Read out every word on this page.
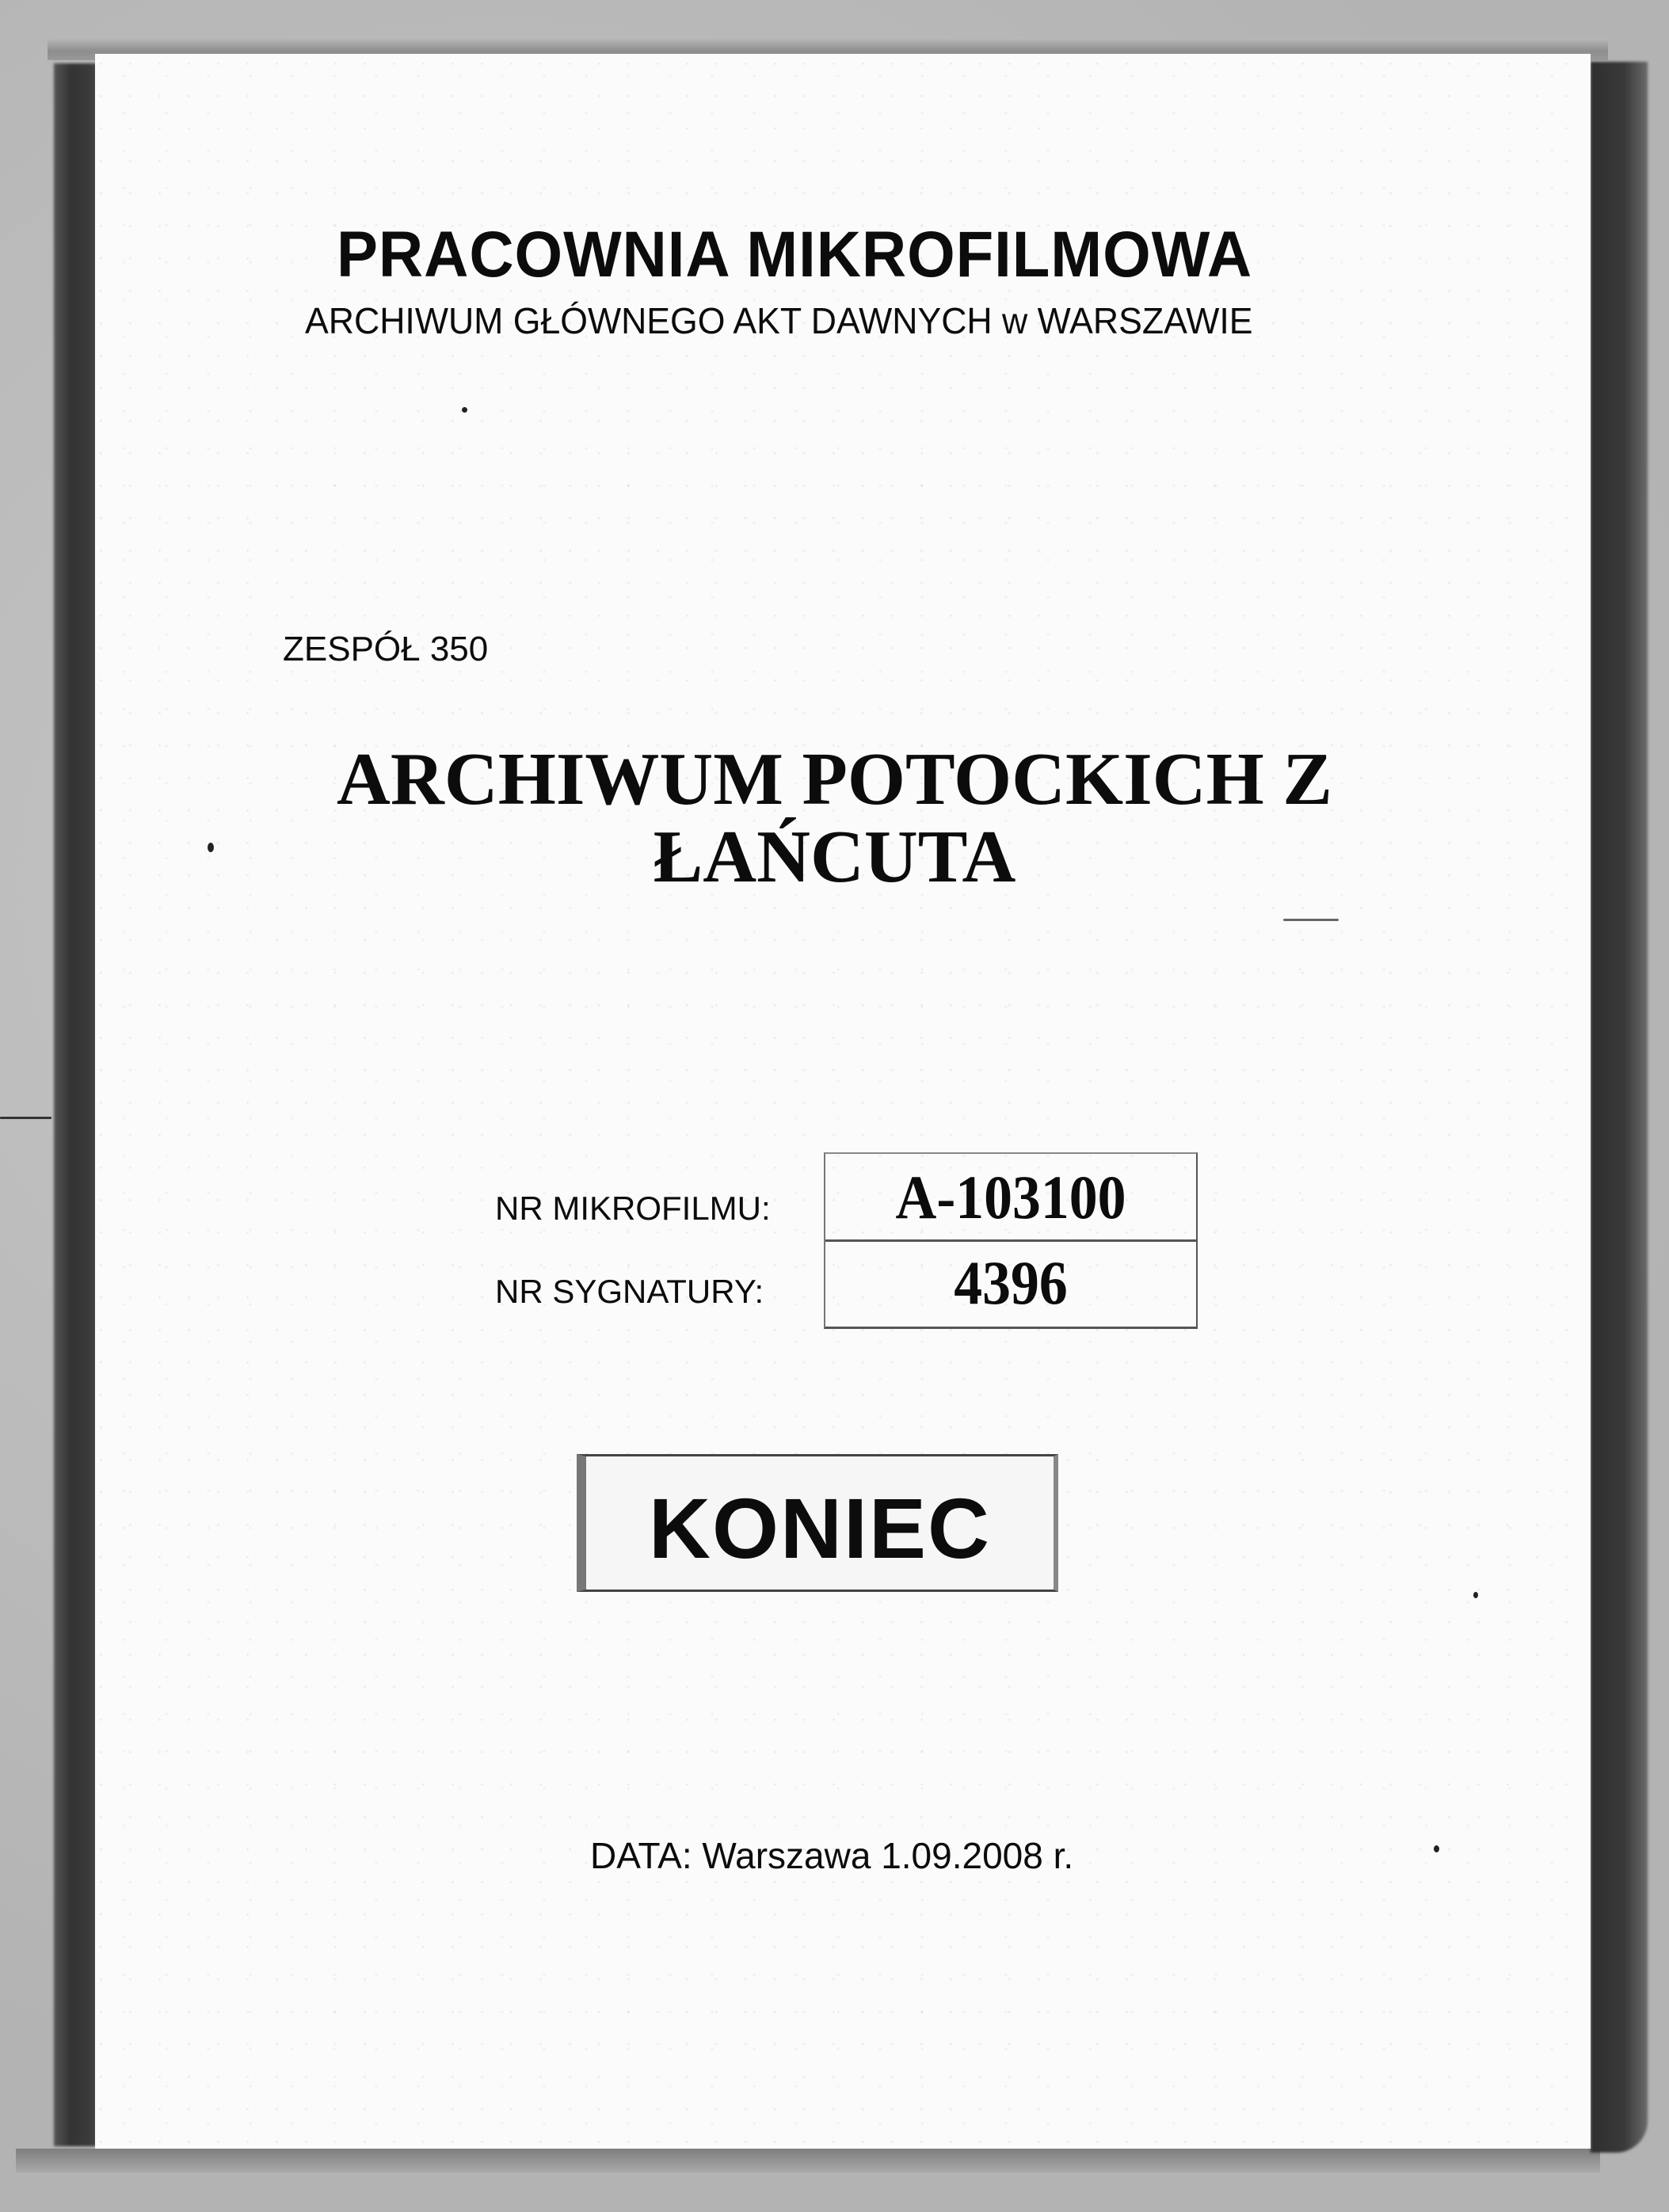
PRACOWNIA MIKROFILMOWA
ARCHIWUM GŁÓWNEGO AKT DAWNYCH w WARSZAWIE
ZESPÓŁ 350
ARCHIWUM POTOCKICH Z
ŁAŃCUTA
NR MIKROFILMU:
NR SYGNATURY:
A-103100
4396
KONIEC
DATA: Warszawa 1.09.2008 r.
